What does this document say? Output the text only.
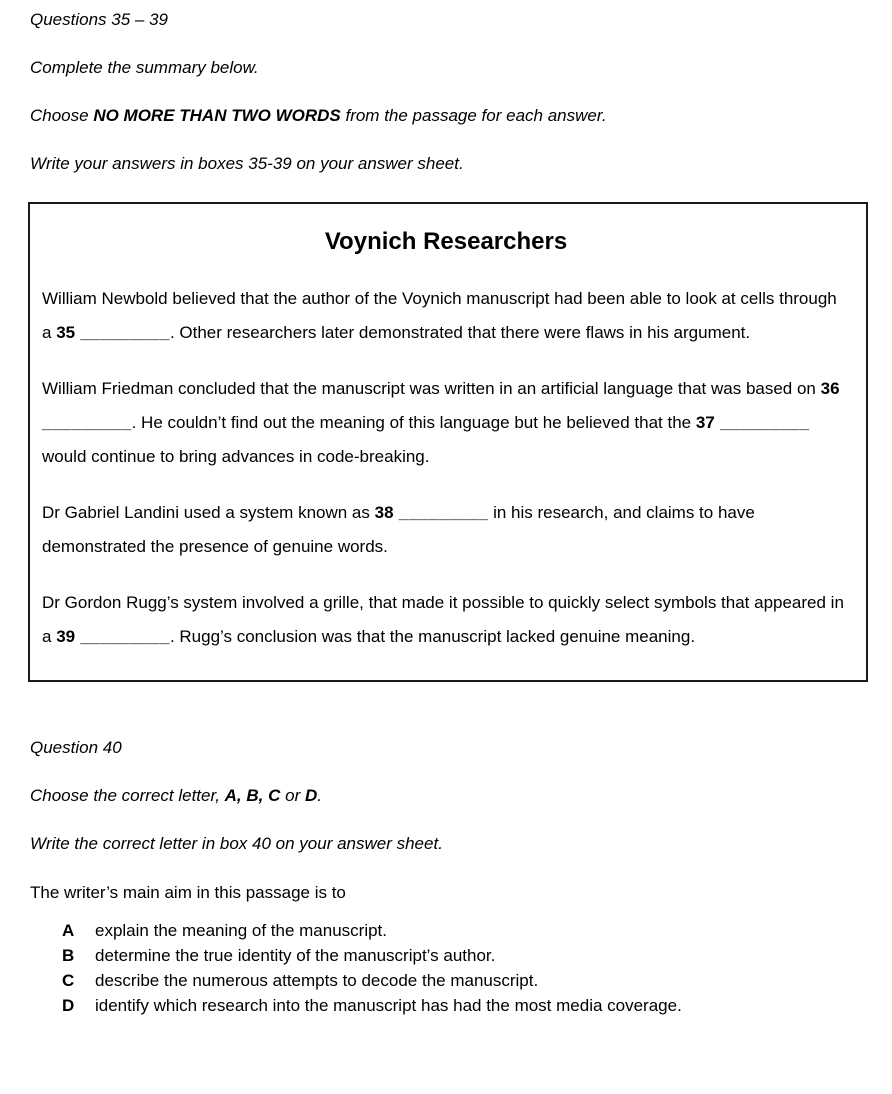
Questions 35 – 39

Complete the summary below.

Choose NO MORE THAN TWO WORDS from the passage for each answer.

Write your answers in boxes 35-39 on your answer sheet.

Voynich Researchers

William Newbold believed that the author of the Voynich manuscript had been able to look at cells through a 35 _________. Other researchers later demonstrated that there were flaws in his argument.

William Friedman concluded that the manuscript was written in an artificial language that was based on 36 _________. He couldn’t find out the meaning of this language but he believed that the 37 _________ would continue to bring advances in code-breaking.

Dr Gabriel Landini used a system known as 38 _________ in his research, and claims to have demonstrated the presence of genuine words.

Dr Gordon Rugg’s system involved a grille, that made it possible to quickly select symbols that appeared in a 39 _________. Rugg’s conclusion was that the manuscript lacked genuine meaning.

Question 40

Choose the correct letter, A, B, C or D.

Write the correct letter in box 40 on your answer sheet.

The writer’s main aim in this passage is to

A	explain the meaning of the manuscript.
B	determine the true identity of the manuscript’s author.
C	describe the numerous attempts to decode the manuscript.
D	identify which research into the manuscript has had the most media coverage.
